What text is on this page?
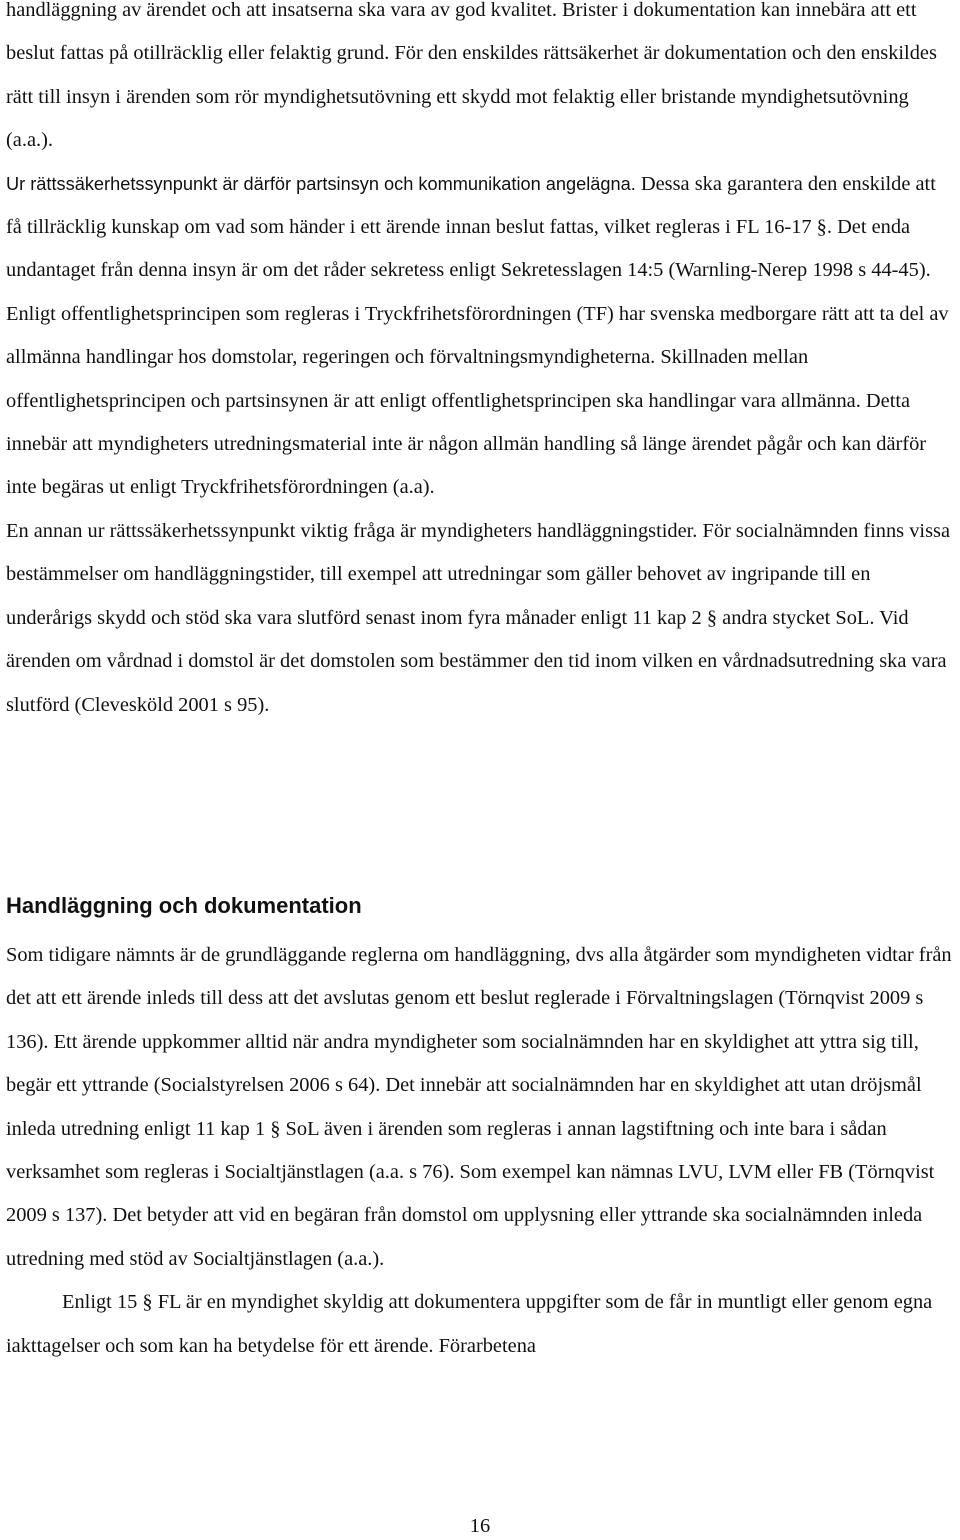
handläggning av ärendet och att insatserna ska vara av god kvalitet. Brister i dokumentation kan innebära att ett beslut fattas på otillräcklig eller felaktig grund. För den enskildes rättsäkerhet är dokumentation och den enskildes rätt till insyn i ärenden som rör myndighetsutövning ett skydd mot felaktig eller bristande myndighetsutövning (a.a.).

Ur rättssäkerhetssynpunkt är därför partsinsyn och kommunikation angelägna. Dessa ska garantera den enskilde att få tillräcklig kunskap om vad som händer i ett ärende innan beslut fattas, vilket regleras i FL 16-17 §. Det enda undantaget från denna insyn är om det råder sekretess enligt Sekretesslagen 14:5 (Warnling-Nerep 1998 s 44-45). Enligt offentlighetsprincipen som regleras i Tryckfrihetsförordningen (TF) har svenska medborgare rätt att ta del av allmänna handlingar hos domstolar, regeringen och förvaltningsmyndigheterna. Skillnaden mellan offentlighetsprincipen och partsinsynen är att enligt offentlighetsprincipen ska handlingar vara allmänna. Detta innebär att myndigheters utredningsmaterial inte är någon allmän handling så länge ärendet pågår och kan därför inte begäras ut enligt Tryckfrihetsförordningen (a.a).

En annan ur rättssäkerhetssynpunkt viktig fråga är myndigheters handläggningstider. För socialnämnden finns vissa bestämmelser om handläggningstider, till exempel att utredningar som gäller behovet av ingripande till en underårigs skydd och stöd ska vara slutförd senast inom fyra månader enligt 11 kap 2 § andra stycket SoL. Vid ärenden om vårdnad i domstol är det domstolen som bestämmer den tid inom vilken en vårdnadsutredning ska vara slutförd (Clevesköld 2001 s 95).

Handläggning och dokumentation

Som tidigare nämnts är de grundläggande reglerna om handläggning, dvs alla åtgärder som myndigheten vidtar från det att ett ärende inleds till dess att det avslutas genom ett beslut reglerade i Förvaltningslagen (Törnqvist 2009 s 136). Ett ärende uppkommer alltid när andra myndigheter som socialnämnden har en skyldighet att yttra sig till, begär ett yttrande (Socialstyrelsen 2006 s 64). Det innebär att socialnämnden har en skyldighet att utan dröjsmål inleda utredning enligt 11 kap 1 § SoL även i ärenden som regleras i annan lagstiftning och inte bara i sådan verksamhet som regleras i Socialtjänstlagen (a.a. s 76). Som exempel kan nämnas LVU, LVM eller FB (Törnqvist 2009 s 137). Det betyder att vid en begäran från domstol om upplysning eller yttrande ska socialnämnden inleda utredning med stöd av Socialtjänstlagen (a.a.).

Enligt 15 § FL är en myndighet skyldig att dokumentera uppgifter som de får in muntligt eller genom egna iakttagelser och som kan ha betydelse för ett ärende. Förarbetena

16
